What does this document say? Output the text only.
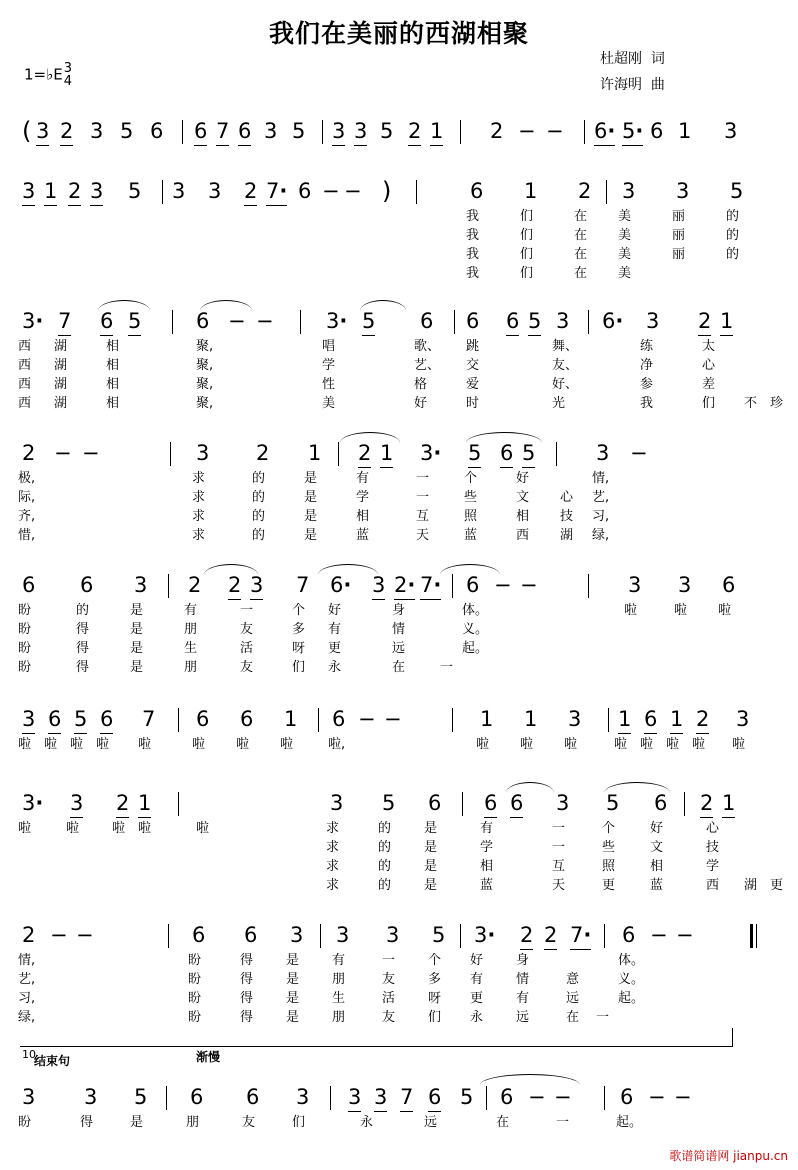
我们在美丽的西湖相聚
杜超刚  词
许海明  曲
1=♭E 3
4
( 3 2 3 5 6 6 7 6 3 5 3 3 5 2 1 2 − − 6 · 5 · 6 1 3
3 1 2 3 5 3 3 2 7 · 6 − − )	6 1 2 3 3 5
我	们	在 美	丽	的
我	们	在 美	丽	的
我	们	在 美	丽	的
我	们	在 美
3 ·	7 6 5	6 − − 3 ·	5 6 6 6 5 3 6 ·	3 2 1
西 湖	相	聚,	唱	歌、 跳	舞、	练	太
西 湖	相	聚,	学	艺、 交	友、	净	心
西 湖	相	聚,	性	格	爱	好、	参	差
西 湖	相	聚,	美	好	时	光	我	们 不 珍
2 − −	3 2 1 2 1 3 ·	5 6 5	3 −
极,	求	的	是	有	一	个	好	情,
际,	求	的	是	学	一	些	文 心 艺,
齐,	求	的	是	相	互	照	相 技 习,
惜,	求	的	是	蓝	天	蓝	西 湖 绿,
6 6 3 2 2 3 7 6 ·	3 2 · 7 ·	6 − −	3 3 6
盼	的	是	有	一	个 好	身	体。	啦	啦 啦
盼	得	是	朋	友	多 有	情	义。
盼	得	是	生	活	呀 更	远	起。
盼	得	是	朋	友	们 永	在	一
3 6 5 6 7 6 6 1 6 − −	1 1 3 1 6 1 2 3
啦 啦 啦 啦 啦	啦 啦 啦	啦,	啦 啦 啦	啦 啦 啦 啦 啦
3 ·	3 2 1	3 5 6 6 6 3 5 6 2 1
啦	啦	啦 啦	啦	求	的	是	有	一	个	好	心
求	的	是	学	一	些	文	技
求	的	是	相	互	照	相	学
求	的	是	蓝	天	更	蓝	西 湖 更
2 − −	6 6 3 3 3 5 3 ·	2 2 7 ·	6 − −
情,	盼	得	是	有	一	个 好	身	体。
艺,	盼	得	是	朋	友	多 有	情	意	义。
习,	盼	得	是	生	活	呀 更	有	远	起。
绿,	盼	得	是	朋	友	们 永	远	在 一
10
结束句	渐慢
3 3 5 6 6 3 3 3 7 6 5 6 − − 6 − −
盼	得	是	朋	友	们	永	远	在	一	起。
歌谱简谱网 jianpu.cn
